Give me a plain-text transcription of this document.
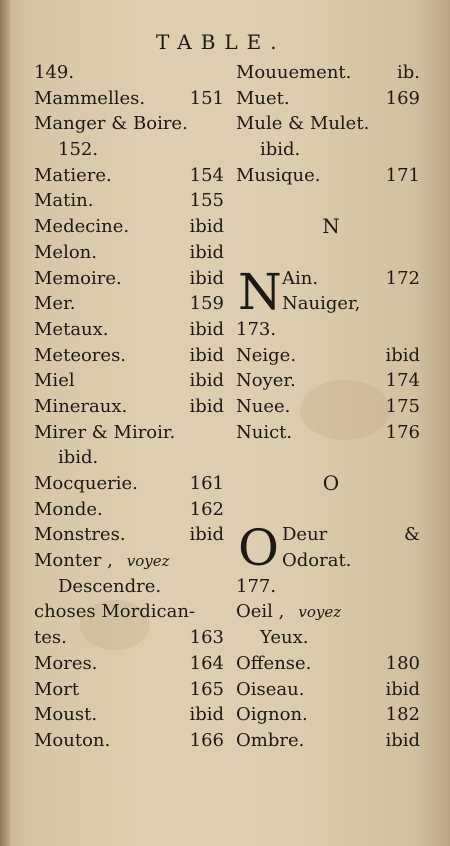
TABLE.
149.
Mammelles. 151
Manger & Boire.
152.
Matiere.	154
Matin.	155
Medecine.	ibid
Melon.	ibid
Memoire.	ibid
Mer.	159
Metaux.	ibid
Meteores.	ibid
Miel	ibid
Mineraux.	ibid
Mirer & Miroir.
ibid.
Mocquerie.	161
Monde.	162
Monstres.	ibid
Monter , voyez
Descendre.
choses Mordican-
tes.	163
Mores.	164
Mort	165
Moust.	ibid
Mouton.	166
Mouuement.	ib.
Muet.	169
Mule & Mulet.
ibid.
Musique.	171
N
N Ain.	172
Nauiger,
173.
Neige.	ibid
Noyer.	174
Nuee.	175
Nuict.	176
O
O Deur	&
Odorat.
177.
Oeil , voyez
Yeux.
Offense.	180
Oiseau.	ibid
Oignon.	182
Ombre.	ibid
